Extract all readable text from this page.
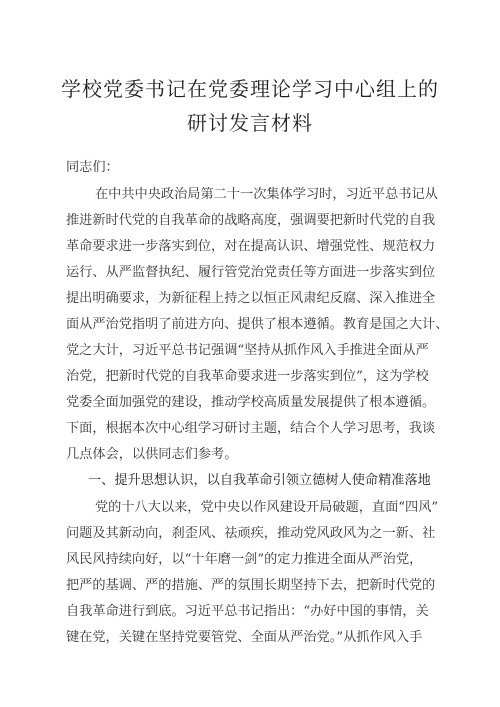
学校党委书记在党委理论学习中心组上的
研讨发言材料
同志们：
在中共中央政治局第二十一次集体学习时，习近平总书记从
推进新时代党的自我革命的战略高度，强调要把新时代党的自我
革命要求进一步落实到位，对在提高认识、增强党性、规范权力
运行、从严监督执纪、履行管党治党责任等方面进一步落实到位
提出明确要求，为新征程上持之以恒正风肃纪反腐、深入推进全
面从严治党指明了前进方向、提供了根本遵循。教育是国之大计、
党之大计，习近平总书记强调“坚持从抓作风入手推进全面从严
治党，把新时代党的自我革命要求进一步落实到位”，这为学校
党委全面加强党的建设，推动学校高质量发展提供了根本遵循。
下面，根据本次中心组学习研讨主题，结合个人学习思考，我谈
几点体会，以供同志们参考。
一、提升思想认识，以自我革命引领立德树人使命精准落地
党的十八大以来，党中央以作风建设开局破题，直面“四风”
问题及其新动向，刹歪风、祛顽疾，推动党风政风为之一新、社
风民风持续向好，以“十年磨一剑”的定力推进全面从严治党，
把严的基调、严的措施、严的氛围长期坚持下去，把新时代党的
自我革命进行到底。习近平总书记指出：“办好中国的事情，关
键在党，关键在坚持党要管党、全面从严治党。”从抓作风入手
